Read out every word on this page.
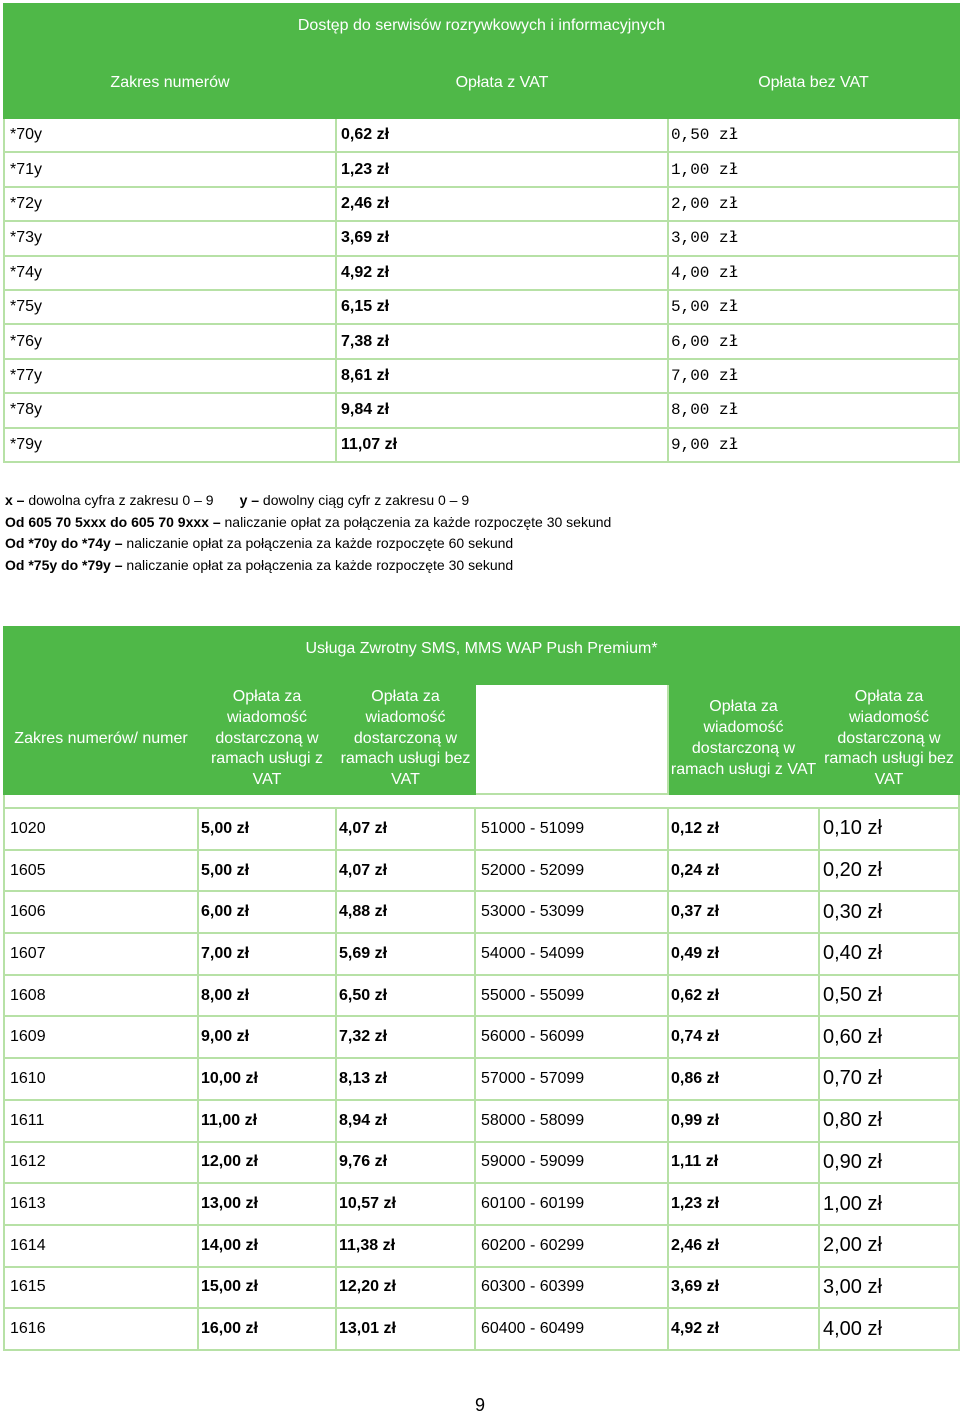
Dostęp do serwisów rozrywkowych i informacyjnych		

Zakres numerów	Opłata z VAT	Opłata bez VAT

*70y	0,62 zł	0,50 zł
*71y	1,23 zł	1,00 zł
*72y	2,46 zł	2,00 zł
*73y	3,69 zł	3,00 zł
*74y	4,92 zł	4,00 zł
*75y	6,15 zł	5,00 zł
*76y	7,38 zł	6,00 zł
*77y	8,61 zł	7,00 zł
*78y	9,84 zł	8,00 zł
*79y	11,07 zł	9,00 zł
x – dowolna cyfra z zakresu 0 – 9 y – dowolny ciąg cyfr z zakresu 0 – 9
Od 605 70 5xxx do 605 70 9xxx – naliczanie opłat za połączenia za każde rozpoczęte 30 sekund
Od *70y do *74y – naliczanie opłat za połączenia za każde rozpoczęte 60 sekund
Od *75y do *79y – naliczanie opłat za połączenia za każde rozpoczęte 30 sekund
Usługa Zwrotny SMS, MMS WAP Push Premium*					

Zakres numerów/ numer	Opłata za wiadomość dostarczoną w ramach usługi z VAT	Opłata za wiadomość dostarczoną w ramach usługi bez VAT	Zakres numerów/ numer	Opłata za wiadomość dostarczoną w ramach usługi z VAT	Opłata za wiadomość dostarczoną w ramach usługi bez VAT

1020	5,00 zł	4,07 zł	51000 - 51099	0,12 zł	0,10 zł
1605	5,00 zł	4,07 zł	52000 - 52099	0,24 zł	0,20 zł
1606	6,00 zł	4,88 zł	53000 - 53099	0,37 zł	0,30 zł
1607	7,00 zł	5,69 zł	54000 - 54099	0,49 zł	0,40 zł
1608	8,00 zł	6,50 zł	55000 - 55099	0,62 zł	0,50 zł
1609	9,00 zł	7,32 zł	56000 - 56099	0,74 zł	0,60 zł
1610	10,00 zł	8,13 zł	57000 - 57099	0,86 zł	0,70 zł
1611	11,00 zł	8,94 zł	58000 - 58099	0,99 zł	0,80 zł
1612	12,00 zł	9,76 zł	59000 - 59099	1,11 zł	0,90 zł
1613	13,00 zł	10,57 zł	60100 - 60199	1,23 zł	1,00 zł
1614	14,00 zł	11,38 zł	60200 - 60299	2,46 zł	2,00 zł
1615	15,00 zł	12,20 zł	60300 - 60399	3,69 zł	3,00 zł
1616	16,00 zł	13,01 zł	60400 - 60499	4,92 zł	4,00 zł
9
